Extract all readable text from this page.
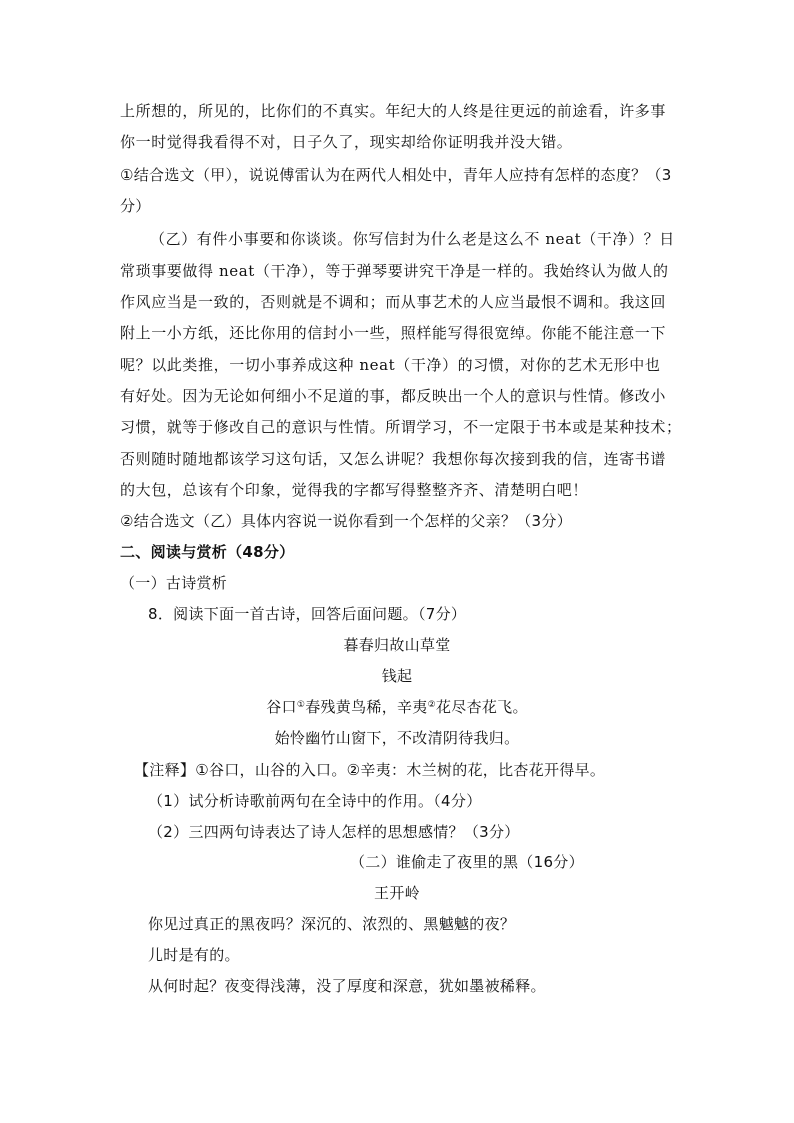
上所想的，所见的，比你们的不真实。年纪大的人终是往更远的前途看，许多事
你一时觉得我看得不对，日子久了，现实却给你证明我并没大错。
①结合选文（甲），说说傅雷认为在两代人相处中，青年人应持有怎样的态度？（3
分）
（乙）有件小事要和你谈谈。你写信封为什么老是这么不 neat（干净）？日
常琐事要做得 neat（干净），等于弹琴要讲究干净是一样的。我始终认为做人的
作风应当是一致的，否则就是不调和；而从事艺术的人应当最恨不调和。我这回
附上一小方纸，还比你用的信封小一些，照样能写得很宽绰。你能不能注意一下
呢？以此类推，一切小事养成这种 neat（干净）的习惯，对你的艺术无形中也
有好处。因为无论如何细小不足道的事，都反映出一个人的意识与性情。修改小
习惯，就等于修改自己的意识与性情。所谓学习，不一定限于书本或是某种技术；
否则随时随地都该学习这句话，又怎么讲呢？我想你每次接到我的信，连寄书谱
的大包，总该有个印象，觉得我的字都写得整整齐齐、清楚明白吧！
②结合选文（乙）具体内容说一说你看到一个怎样的父亲？（3分）
二、阅读与赏析（48分）
（一）古诗赏析
8．阅读下面一首古诗，回答后面问题。（7分）
暮春归故山草堂
钱起
谷口①春残黄鸟稀，辛夷②花尽杏花飞。
始怜幽竹山窗下，不改清阴待我归。
【注释】①谷口，山谷的入口。②辛夷：木兰树的花，比杏花开得早。
（1）试分析诗歌前两句在全诗中的作用。（4分）
（2）三四两句诗表达了诗人怎样的思想感情？（3分）
（二）谁偷走了夜里的黑（16分）
王开岭
你见过真正的黑夜吗？深沉的、浓烈的、黑魆魆的夜？
儿时是有的。
从何时起？夜变得浅薄，没了厚度和深意，犹如墨被稀释。
